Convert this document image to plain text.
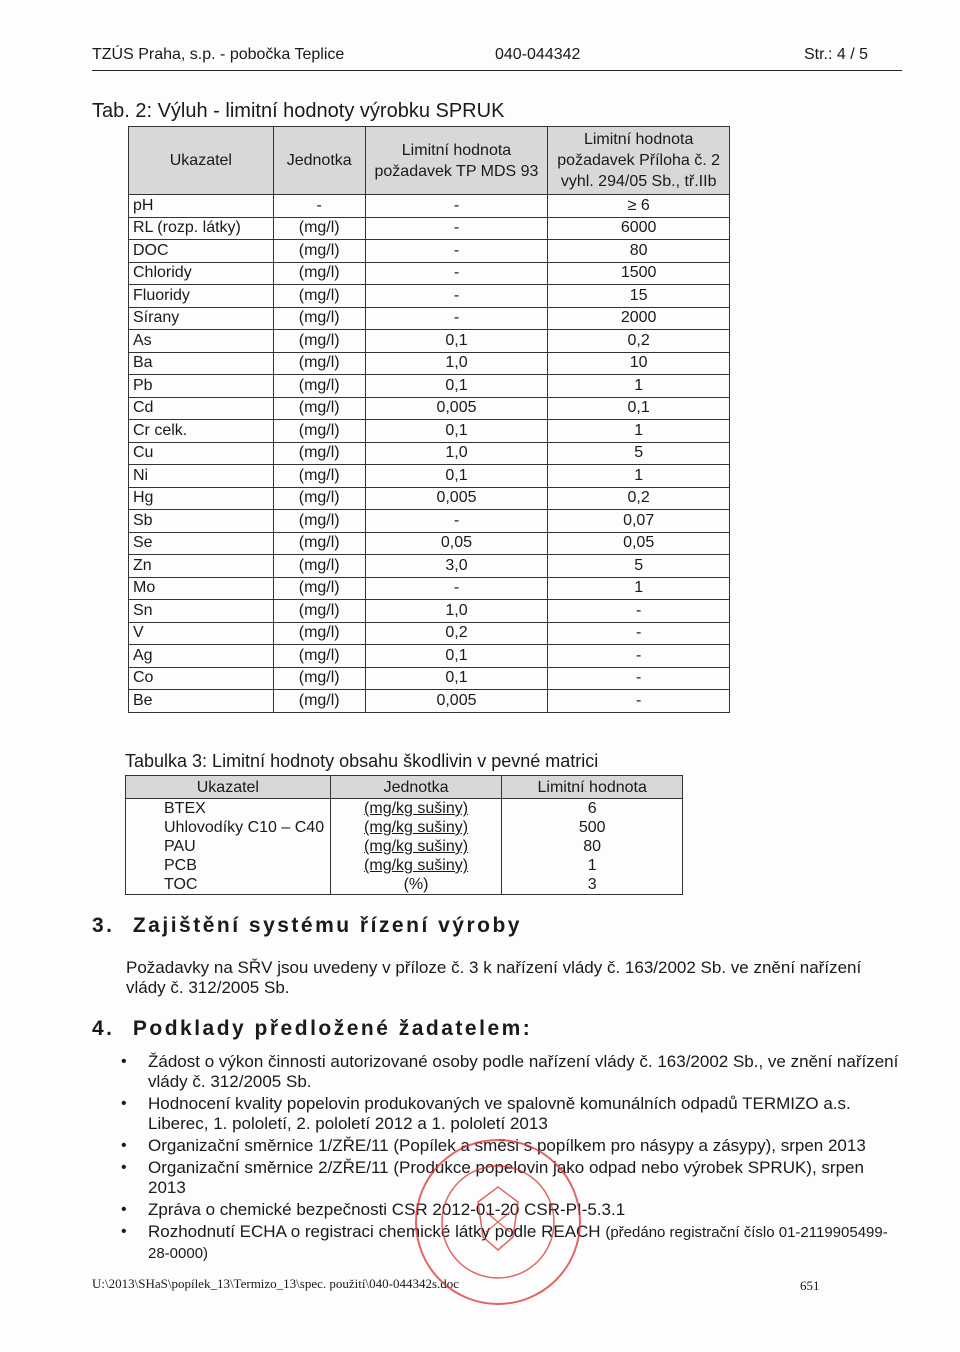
TZÚS Praha, s.p. - pobočka Teplice	040-044342	Str.: 4 / 5
Tab. 2: Výluh - limitní hodnoty výrobku SPRUK
Ukazatel	Jednotka	Limitní hodnota požadavek TP MDS 93	Limitní hodnota požadavek Příloha č. 2 vyhl. 294/05 Sb., tř.IIb
pH	-	-	≥ 6
RL (rozp. látky)	(mg/l)	-	6000
DOC	(mg/l)	-	80
Chloridy	(mg/l)	-	1500
Fluoridy	(mg/l)	-	15
Sírany	(mg/l)	-	2000
As	(mg/l)	0,1	0,2
Ba	(mg/l)	1,0	10
Pb	(mg/l)	0,1	1
Cd	(mg/l)	0,005	0,1
Cr celk.	(mg/l)	0,1	1
Cu	(mg/l)	1,0	5
Ni	(mg/l)	0,1	1
Hg	(mg/l)	0,005	0,2
Sb	(mg/l)	-	0,07
Se	(mg/l)	0,05	0,05
Zn	(mg/l)	3,0	5
Mo	(mg/l)	-	1
Sn	(mg/l)	1,0	-
V	(mg/l)	0,2	-
Ag	(mg/l)	0,1	-
Co	(mg/l)	0,1	-
Be	(mg/l)	0,005	-
Tabulka 3: Limitní hodnoty obsahu škodlivin v pevné matrici
Ukazatel	Jednotka	Limitní hodnota
BTEX	(mg/kg sušiny)	6
Uhlovodíky C10 – C40	(mg/kg sušiny)	500
PAU	(mg/kg sušiny)	80
PCB	(mg/kg sušiny)	1
TOC	(%)	3
3. Zajištění systému řízení výroby
Požadavky na SŘV jsou uvedeny v příloze č. 3 k nařízení vlády č. 163/2002 Sb. ve znění nařízení vlády č. 312/2005 Sb.
4. Podklady předložené žadatelem:
• Žádost o výkon činnosti autorizované osoby podle nařízení vlády č. 163/2002 Sb., ve znění nařízení vlády č. 312/2005 Sb.
• Hodnocení kvality popelovin produkovaných ve spalovně komunálních odpadů TERMIZO a.s. Liberec, 1. pololetí, 2. pololetí 2012 a 1. pololetí 2013
• Organizační směrnice 1/ZŘE/11 (Popílek a směsi s popílkem pro násypy a zásypy), srpen 2013
• Organizační směrnice 2/ZŘE/11 (Produkce popelovin jako odpad nebo výrobek SPRUK), srpen 2013
• Zpráva o chemické bezpečnosti CSR 2012-01-20 CSR-PI-5.3.1
• Rozhodnutí ECHA o registraci chemické látky podle REACH (předáno registrační číslo 01-2119905499-28-0000)
U:\2013\SHaS\popílek_13\Termizo_13\spec. použití\040-044342s.doc	651
